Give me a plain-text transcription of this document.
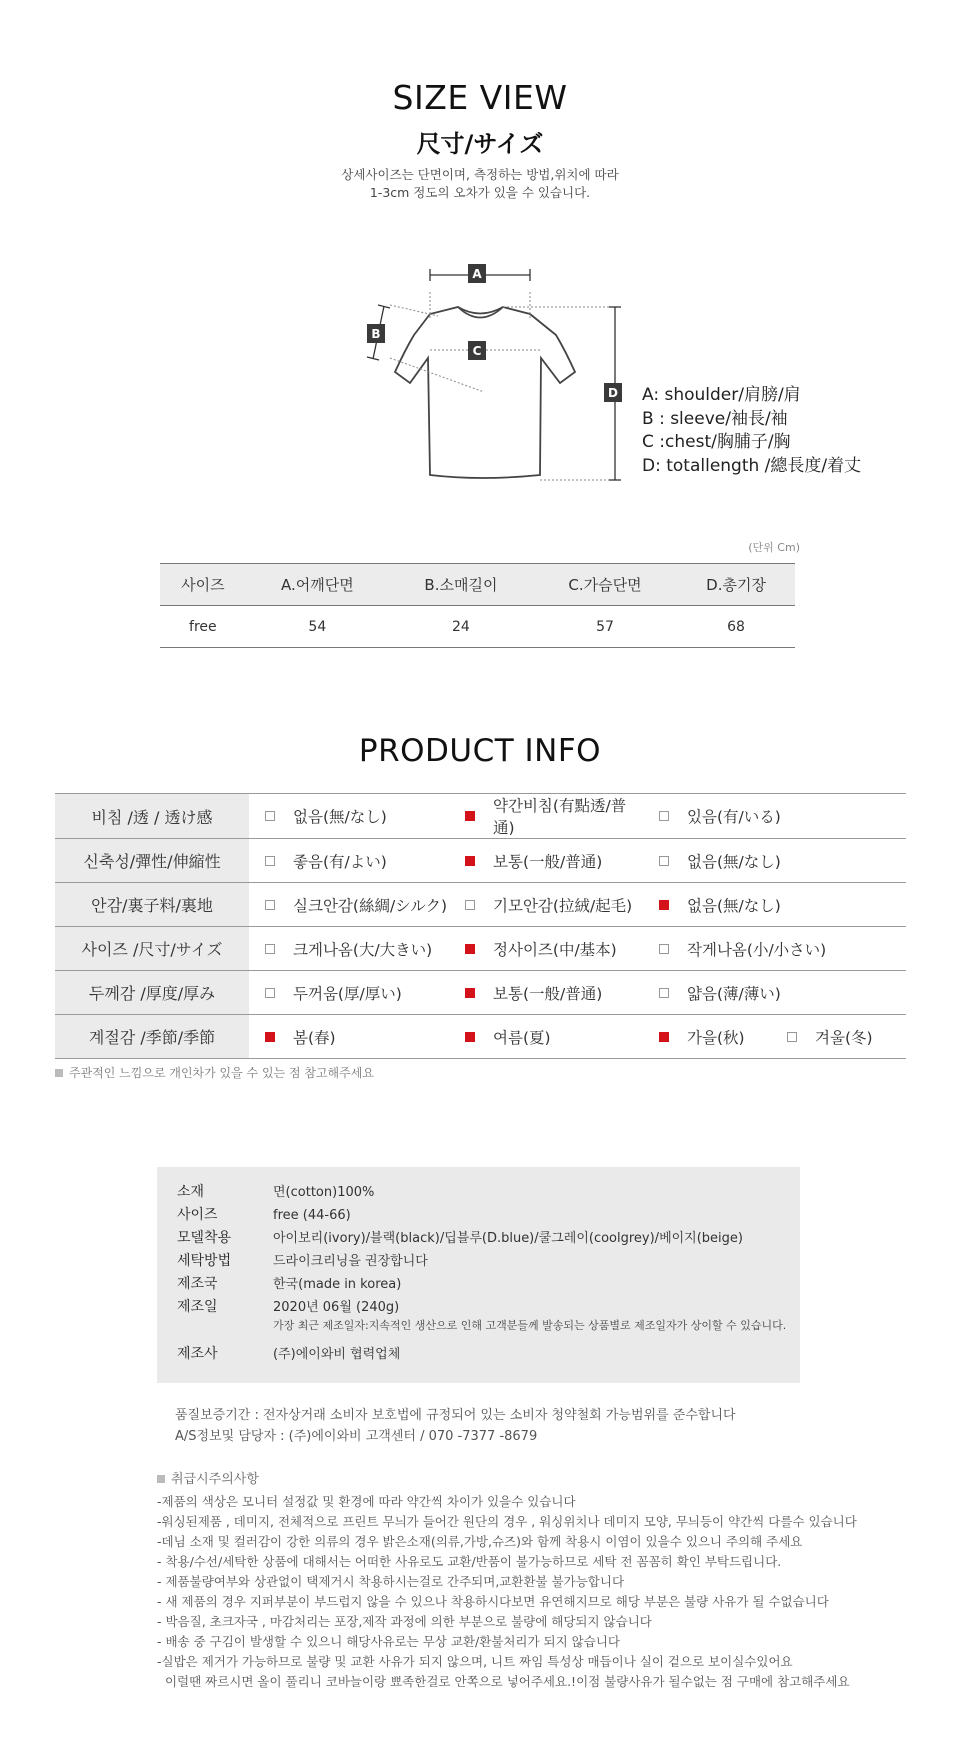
SIZE VIEW
尺寸/サイズ
상세사이즈는 단면이며, 측정하는 방법,위치에 따라
1-3cm 정도의 오차가 있을 수 있습니다.
A
B
C
D A: shoulder/肩膀/肩
B : sleeve/袖長/袖
C :chest/胸脯子/胸
D: totallength /總長度/着丈
(단위 Cm)
사이즈	A.어깨단면	B.소매길이	C.가슴단면	D.총기장
free	54	24	57	68
PRODUCT INFO
비침 /透 / 透け感	없음(無/なし)	약간비침(有點透/普通)	있음(有/いる)	

신축성/彈性/伸縮性	좋음(有/よい)	보통(一般/普通)	없음(無/なし)	

안감/裏子料/裏地	실크안감(絲綢/シルク)	기모안감(拉絨/起毛)	없음(無/なし)	

사이즈 /尺寸/サイズ	크게나옴(大/大きい)	정사이즈(中/基本)	작게나옴(小/小さい)	

두께감 /厚度/厚み	두꺼움(厚/厚い)	보통(一般/普通)	얇음(薄/薄い)	

계절감 /季節/季節	봄(春)	여름(夏)	가을(秋)	겨울(冬)
주관적인 느낌으로 개인차가 있을 수 있는 점 참고해주세요
소재	면(cotton)100%
사이즈	free (44-66)
모델착용	아이보리(ivory)/블랙(black)/딥블루(D.blue)/쿨그레이(coolgrey)/베이지(beige)
세탁방법	드라이크리닝을 권장합니다
제조국	한국(made in korea)
제조일	2020년 06월 (240g)
가장 최근 제조일자:지속적인 생산으로 인해 고객분들께 발송되는 상품별로 제조일자가 상이할 수 있습니다.
제조사	(주)에이와비 협력업체
품질보증기간 : 전자상거래 소비자 보호법에 규정되어 있는 소비자 청약철회 가능범위를 준수합니다
A/S정보및 담당자 : (주)에이와비 고객센터 / 070 -7377 -8679
취급시주의사항
-제품의 색상은 모니터 설정값 및 환경에 따라 약간씩 차이가 있을수 있습니다
-워싱된제품 , 데미지, 전체적으로 프린트 무늬가 들어간 원단의 경우 , 워싱위치나 데미지 모양, 무늬등이 약간씩 다를수 있습니다
-데님 소재 및 컬러감이 강한 의류의 경우 밝은소재(의류,가방,슈즈)와 함께 착용시 이염이 있을수 있으니 주의해 주세요
- 착용/수선/세탁한 상품에 대해서는 어떠한 사유로도 교환/반품이 불가능하므로 세탁 전 꼼꼼히 확인 부탁드립니다.
- 제품불량여부와 상관없이 택제거시 착용하시는걸로 간주되며,교환환불 불가능합니다
- 새 제품의 경우 지퍼부분이 부드럽지 않을 수 있으나 착용하시다보면 유연해지므로 해당 부분은 불량 사유가 될 수없습니다
- 박음질, 초크자국 , 마감처리는 포장,제작 과정에 의한 부분으로 불량에 해당되지 않습니다
- 배송 중 구김이 발생할 수 있으니 해당사유로는 무상 교환/환불처리가 되지 않습니다
-실밥은 제거가 가능하므로 불량 및 교환 사유가 되지 않으며, 니트 짜임 특성상 매듭이나 실이 겉으로 보이실수있어요
이럴땐 짜르시면 올이 풀리니 코바늘이랑 뾰족한걸로 안쪽으로 넣어주세요.!이점 불량사유가 될수없는 점 구매에 참고해주세요
